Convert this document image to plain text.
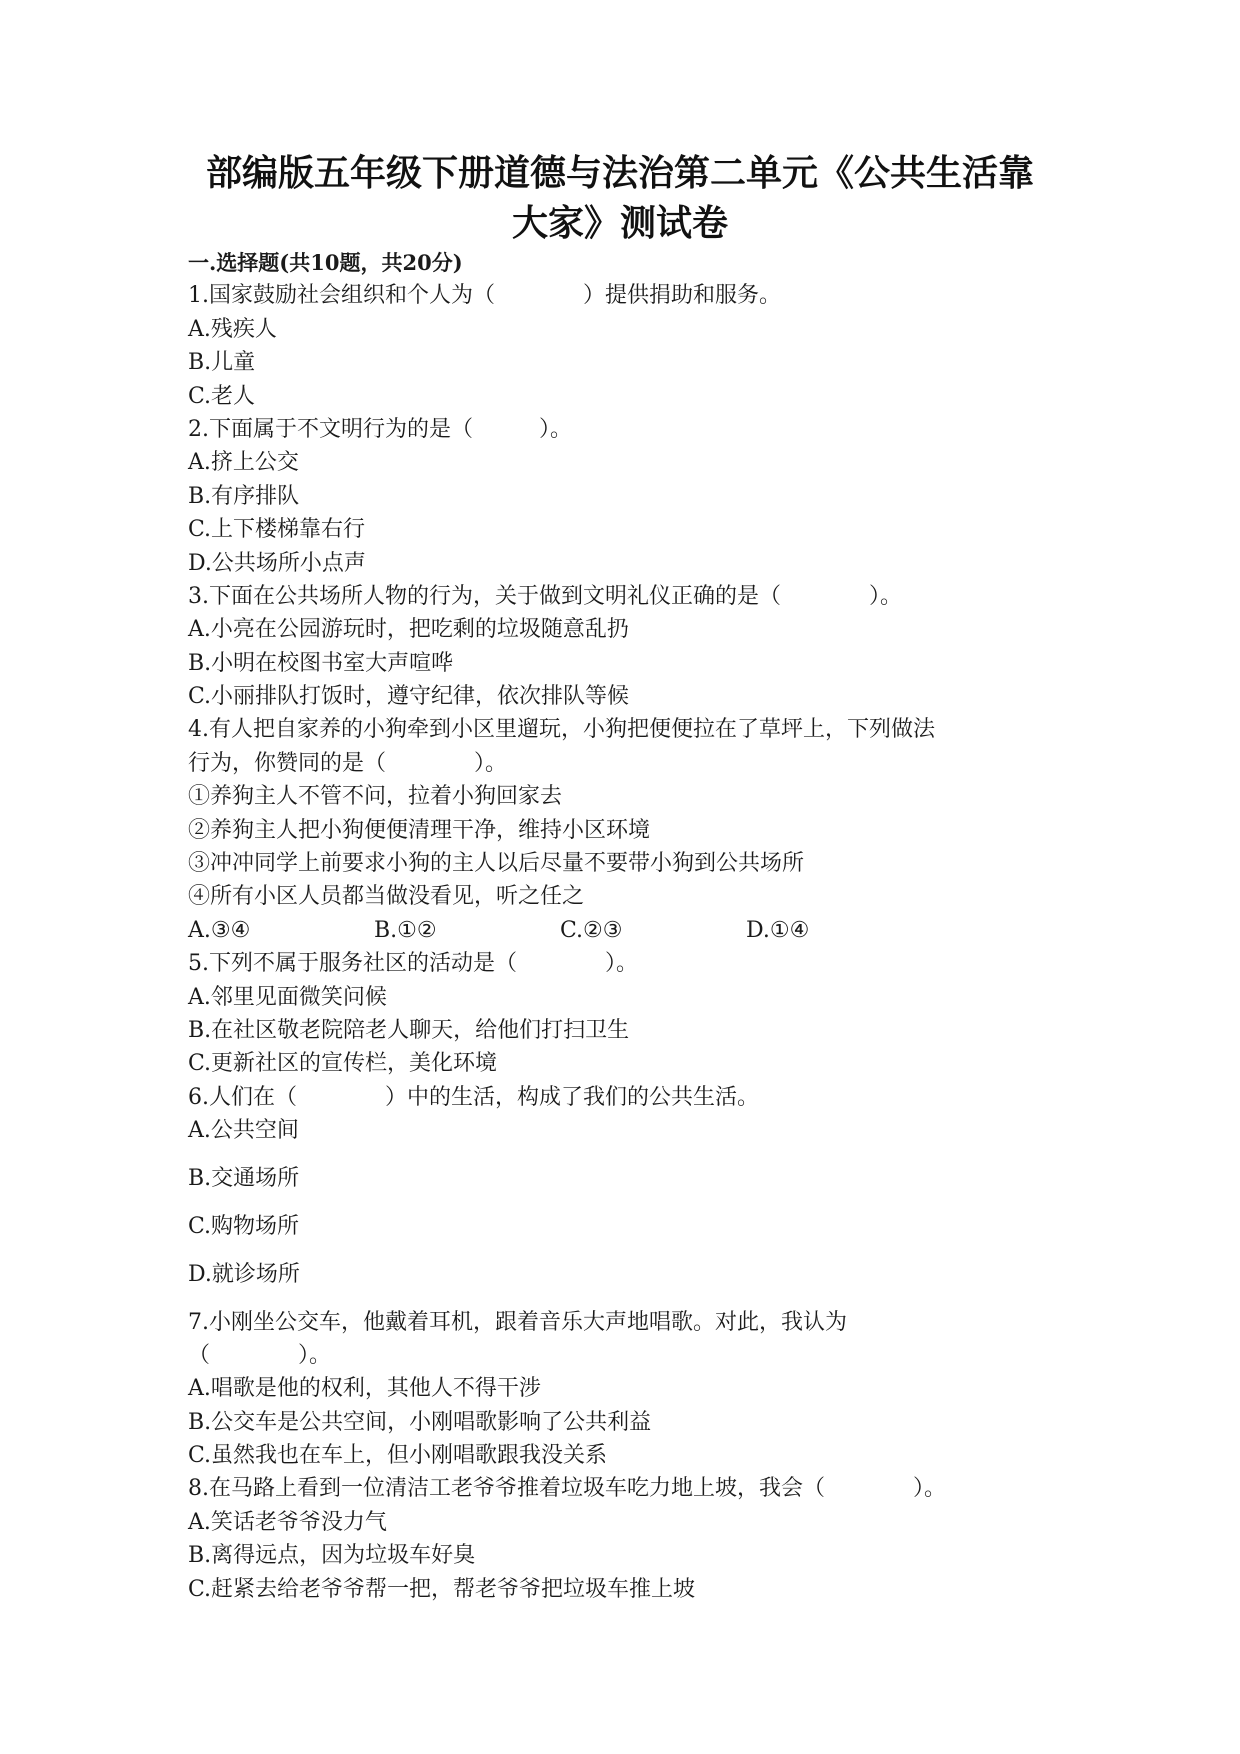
部编版五年级下册道德与法治第二单元《公共生活靠
大家》测试卷
一.选择题(共10题，共20分)
1.国家鼓励社会组织和个人为（　　　　）提供捐助和服务。
A.残疾人
B.儿童
C.老人
2.下面属于不文明行为的是（　　　）。
A.挤上公交
B.有序排队
C.上下楼梯靠右行
D.公共场所小点声
3.下面在公共场所人物的行为，关于做到文明礼仪正确的是（　　　　）。
A.小亮在公园游玩时，把吃剩的垃圾随意乱扔
B.小明在校图书室大声喧哗
C.小丽排队打饭时，遵守纪律，依次排队等候
4.有人把自家养的小狗牵到小区里遛玩，小狗把便便拉在了草坪上，下列做法
行为，你赞同的是（　　　　）。
①养狗主人不管不问，拉着小狗回家去
②养狗主人把小狗便便清理干净，维持小区环境
③冲冲同学上前要求小狗的主人以后尽量不要带小狗到公共场所
④所有小区人员都当做没看见，听之任之
A.③④	B.①②	C.②③	D.①④
5.下列不属于服务社区的活动是（　　　　）。
A.邻里见面微笑问候
B.在社区敬老院陪老人聊天，给他们打扫卫生
C.更新社区的宣传栏，美化环境
6.人们在（　　　　）中的生活，构成了我们的公共生活。
A.公共空间
B.交通场所
C.购物场所
D.就诊场所
7.小刚坐公交车，他戴着耳机，跟着音乐大声地唱歌。对此，我认为（　　　　）。
A.唱歌是他的权利，其他人不得干涉
B.公交车是公共空间，小刚唱歌影响了公共利益
C.虽然我也在车上，但小刚唱歌跟我没关系
8.在马路上看到一位清洁工老爷爷推着垃圾车吃力地上坡，我会（　　　　）。
A.笑话老爷爷没力气
B.离得远点，因为垃圾车好臭
C.赶紧去给老爷爷帮一把，帮老爷爷把垃圾车推上坡
